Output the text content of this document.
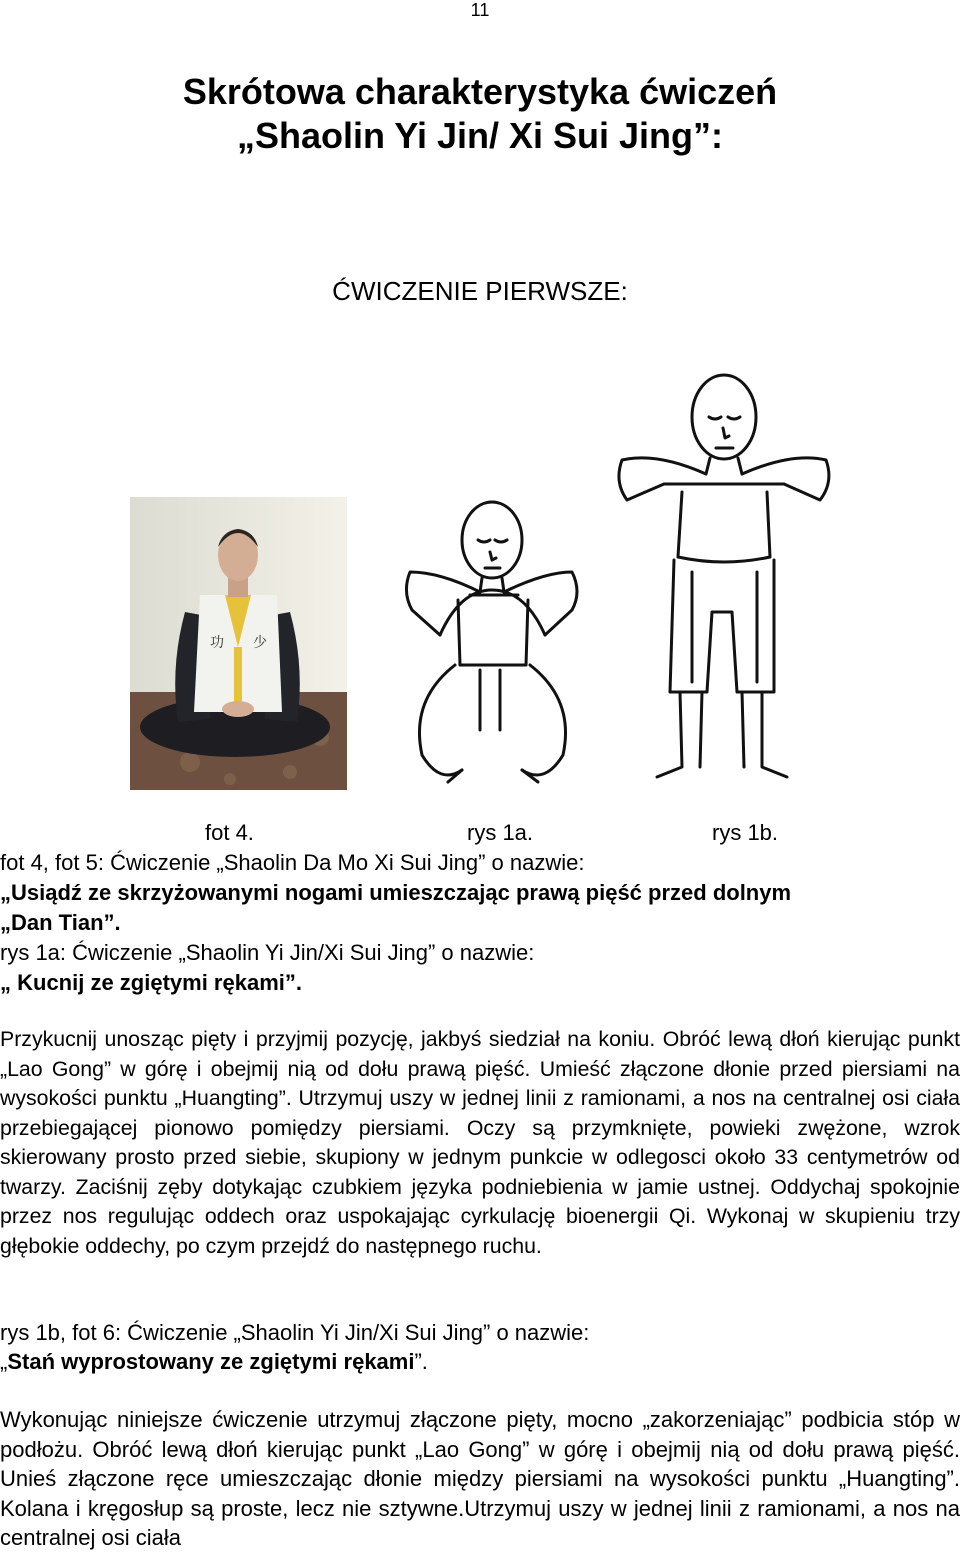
11
Skrótowa charakterystyka ćwiczeń
„Shaolin Yi Jin/ Xi Sui Jing”:
ĆWICZENIE PIERWSZE:
功 少
fot 4.	rys 1a.	rys 1b.
fot 4, fot 5: Ćwiczenie „Shaolin Da Mo Xi Sui Jing” o nazwie:
„Usiądź ze skrzyżowanymi nogami umieszczając prawą pięść przed dolnym
„Dan Tian”.
rys 1a: Ćwiczenie „Shaolin Yi Jin/Xi Sui Jing” o nazwie:
„ Kucnij ze zgiętymi rękami”.
Przykucnij unosząc pięty i przyjmij pozycję, jakbyś siedział na koniu. Obróć lewą dłoń kierując punkt „Lao Gong” w górę i obejmij nią od dołu prawą pięść. Umieść złączone dłonie przed piersiami na wysokości punktu „Huangting”. Utrzymuj uszy w jednej linii z ramionami, a nos na centralnej osi ciała przebiegającej pionowo pomiędzy piersiami. Oczy są przymknięte, powieki zwężone, wzrok skierowany prosto przed siebie, skupiony w jednym punkcie w odlegosci około 33 centymetrów od twarzy. Zaciśnij zęby dotykając czubkiem języka podniebienia w jamie ustnej. Oddychaj spokojnie przez nos regulując oddech oraz uspokajając cyrkulację bioenergii Qi. Wykonaj w skupieniu trzy głębokie oddechy, po czym przejdź do następnego ruchu.
rys 1b, fot 6: Ćwiczenie „Shaolin Yi Jin/Xi Sui Jing” o nazwie:
„Stań wyprostowany ze zgiętymi rękami”.
Wykonując niniejsze ćwiczenie utrzymuj złączone pięty, mocno „zakorzeniając” podbicia stóp w podłożu. Obróć lewą dłoń kierując punkt „Lao Gong” w górę i obejmij nią od dołu prawą pięść. Unieś złączone ręce umieszczając dłonie między piersiami na wysokości punktu „Huangting”. Kolana i kręgosłup są proste, lecz nie sztywne.Utrzymuj uszy w jednej linii z ramionami, a nos na centralnej osi ciała
